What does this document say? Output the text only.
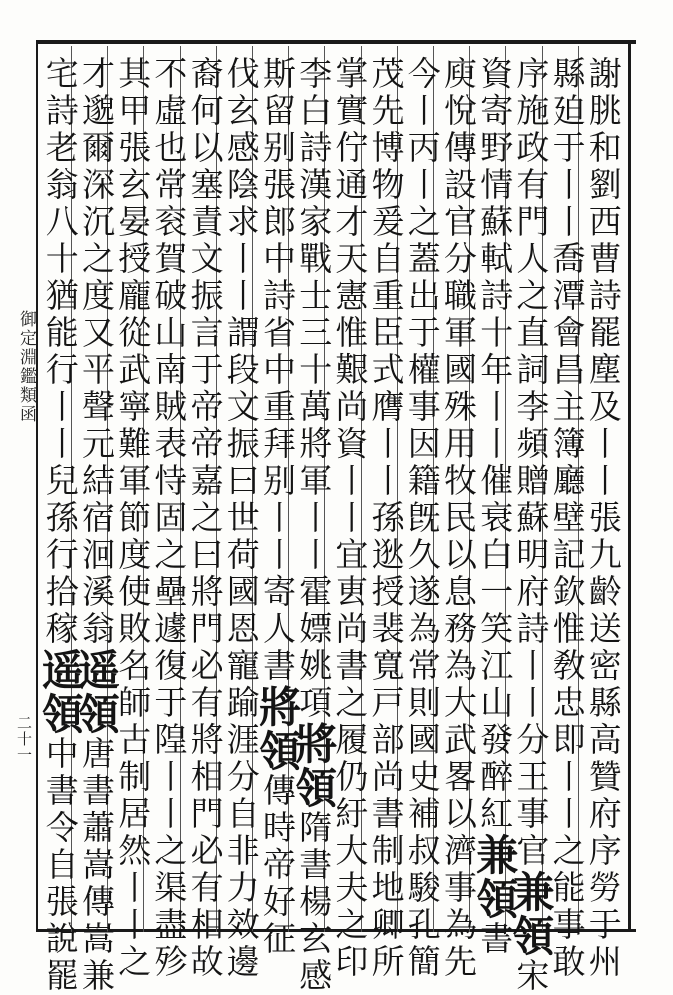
御定淵鑑類函
二十一	謝朓和劉西曹詩罷塵及丨丨張九齡送密縣高贊府序勞于州
縣廹于丨丨喬潭會昌主簿廳壁記欽惟敎忠即丨丨之能事敢
序施政有門人之直詞李頻贈蘇明府詩丨丨分王事官兼領宋
資寄野情蘇軾詩十年丨丨催衰白一笑江山發醉紅兼領書
庾悅傳設官分職軍國殊用牧民以息務為大武畧以濟事為先
今丨丙丨之蓋出于權事因籍旣久遂為常則國史補叔駿孔簡
茂先博物爰自重臣式膺丨丨孫逖授裴寬戸部尚書制地卿所
掌實佇通才天憲惟艱尚資丨丨宜叀尚書之履仍紆大夫之印
李白詩漢家戰士三十萬將軍丨丨霍嫖姚項將領隋書楊玄感
斯留别張郎中詩省中重拜别丨丨寄人書將領傳時帝好征
伐玄感陰求丨丨謂段文振曰世荷國恩寵踰涯分自非力效邊
裔何以塞責文振言于帝帝嘉之曰將門必有將相門必有相故
不虛也常衮賀破山南賊表恃固之壘遽復于隍丨丨之渠盡殄
其甲張玄晏授龐從武寧難軍節度使敗名師古制居然丨丨之
才邈爾深沉之度又平聲元結宿洄溪翁遥領唐書蕭嵩傳嵩兼
宅詩老翁八十猶能行丨丨兒孫行拾稼遥領中書令自張說罷
